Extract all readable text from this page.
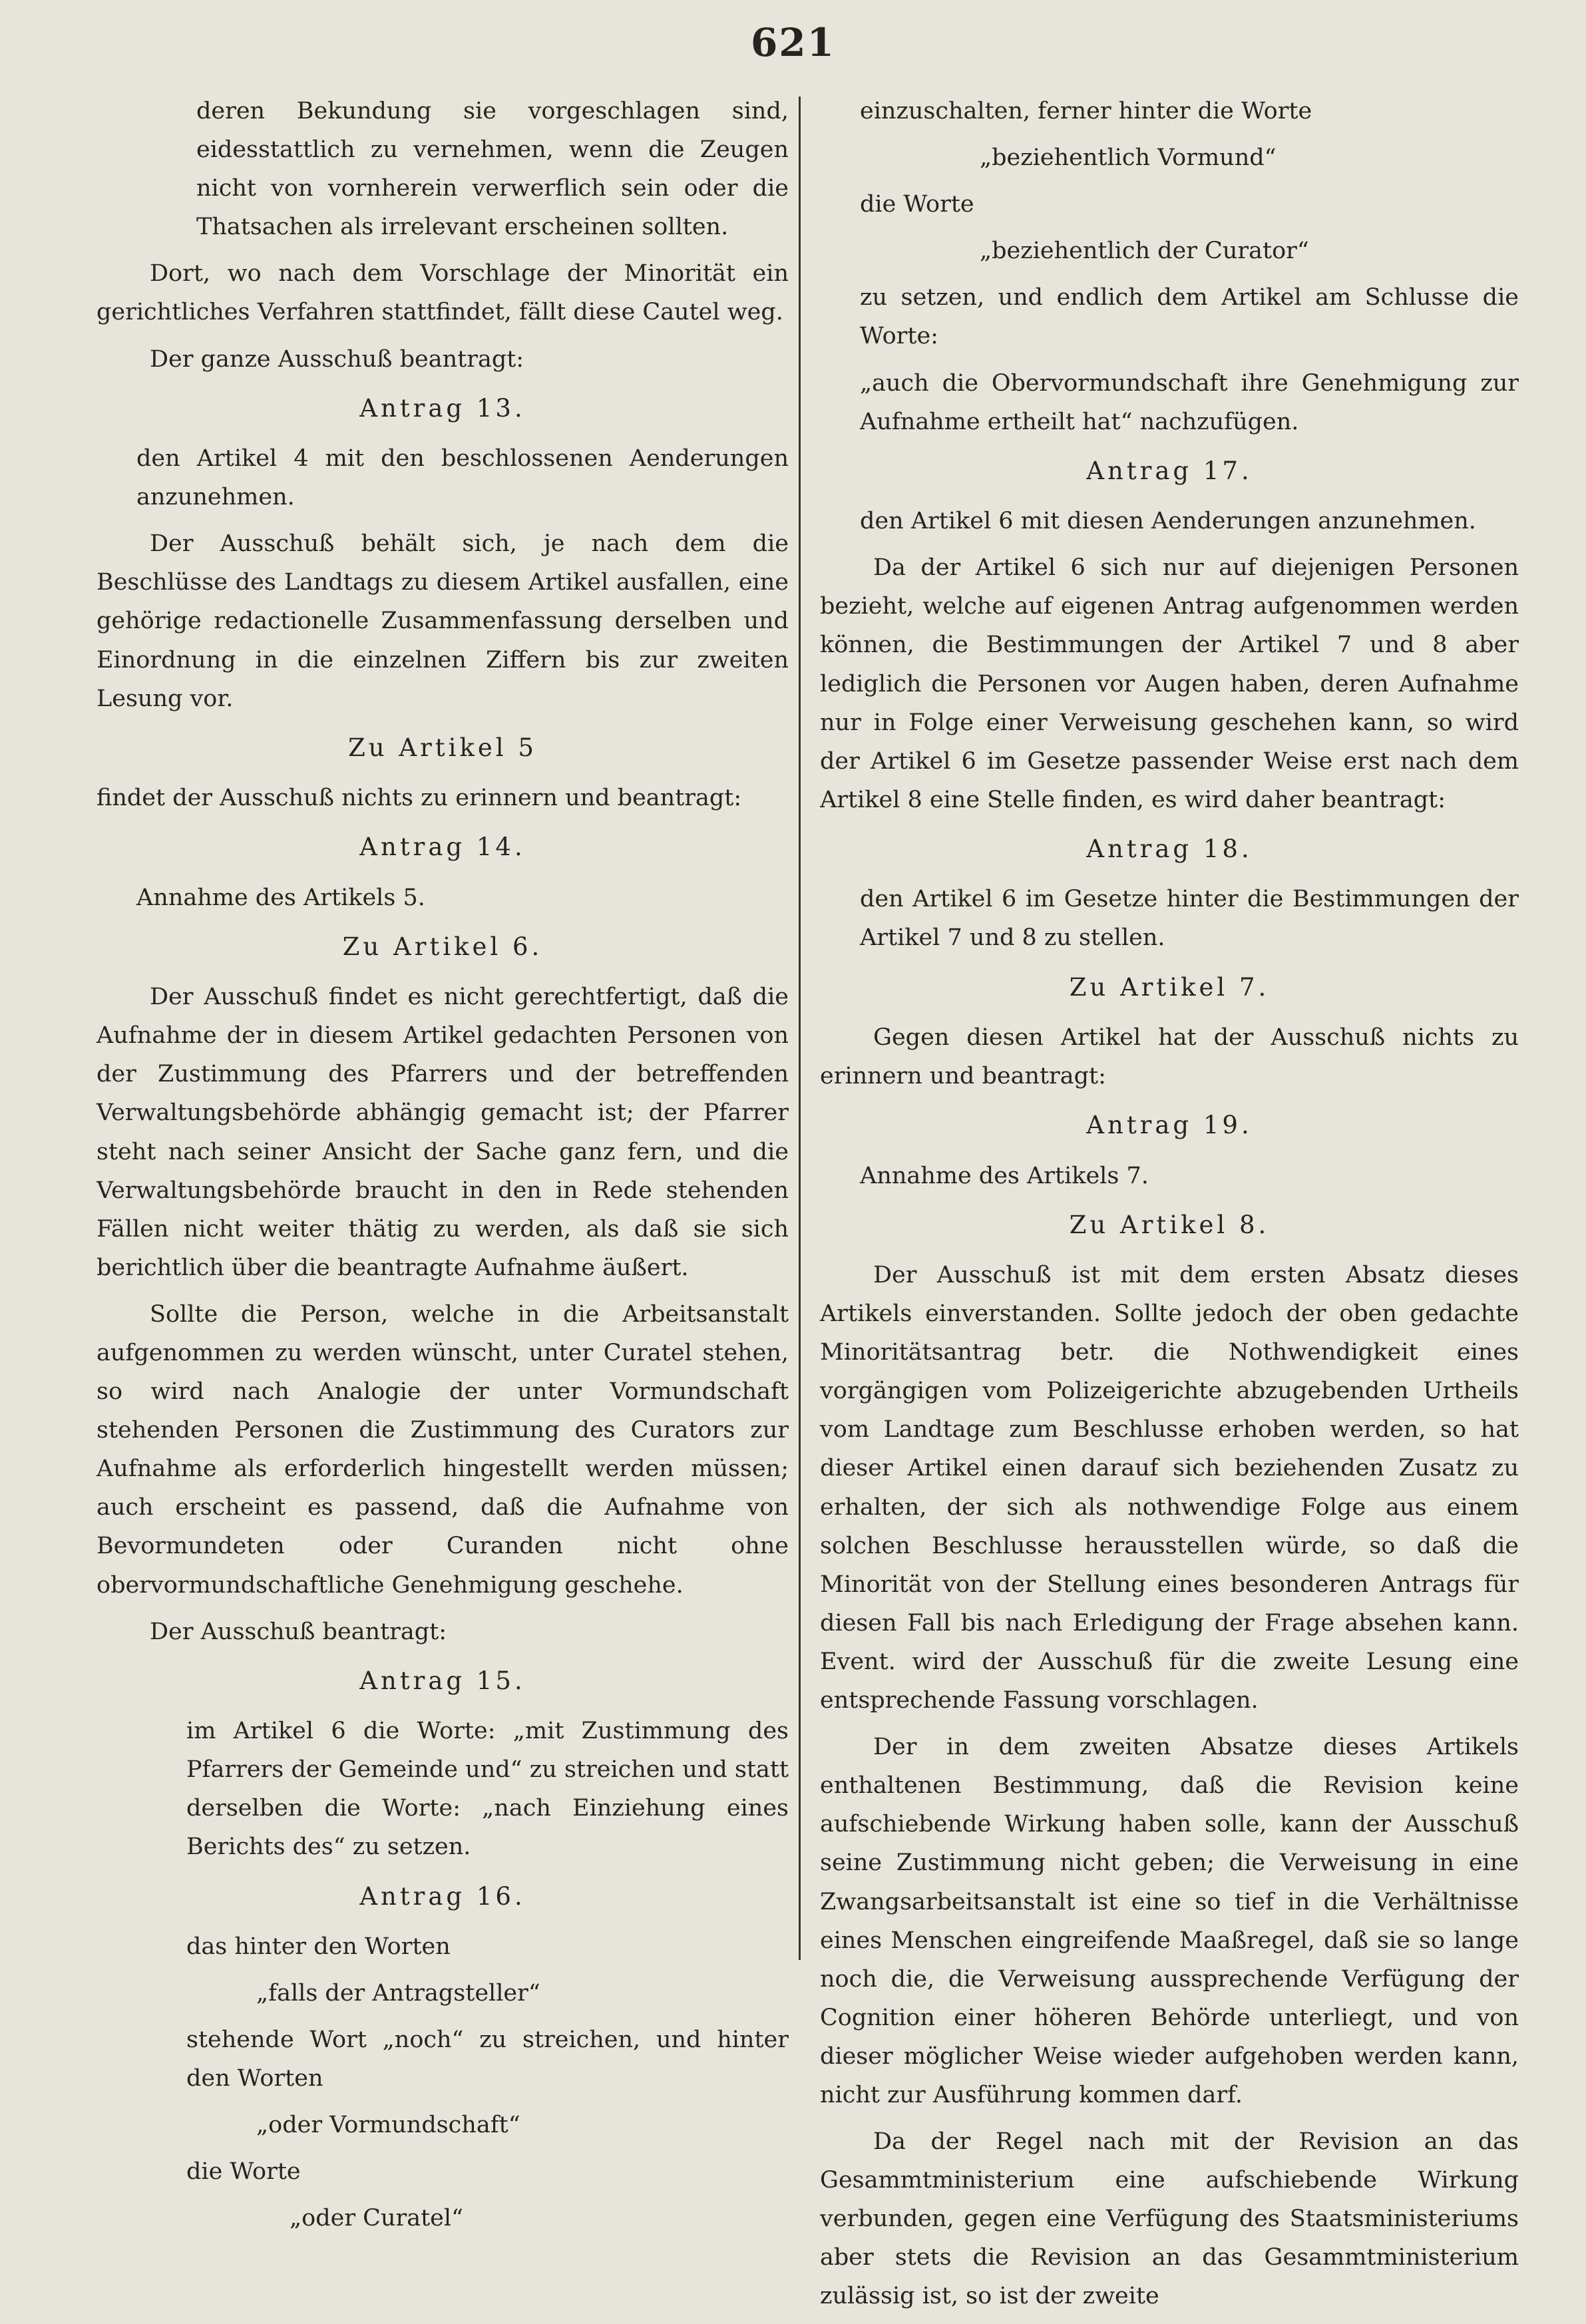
621

deren Bekundung sie vorgeschlagen sind, eidesstattlich zu vernehmen, wenn die Zeugen nicht von vornherein verwerflich sein oder die Thatsachen als irrelevant erscheinen sollten.

Dort, wo nach dem Vorschlage der Minorität ein gerichtliches Verfahren stattfindet, fällt diese Cautel weg.

Der ganze Ausschuß beantragt:

Antrag 13.

den Artikel 4 mit den beschlossenen Aenderungen anzunehmen.

Der Ausschuß behält sich, je nach dem die Beschlüsse des Landtags zu diesem Artikel ausfallen, eine gehörige redactionelle Zusammenfassung derselben und Einordnung in die einzelnen Ziffern bis zur zweiten Lesung vor.

Zu Artikel 5

findet der Ausschuß nichts zu erinnern und beantragt:

Antrag 14.

Annahme des Artikels 5.

Zu Artikel 6.

Der Ausschuß findet es nicht gerechtfertigt, daß die Aufnahme der in diesem Artikel gedachten Personen von der Zustimmung des Pfarrers und der betreffenden Verwaltungsbehörde abhängig gemacht ist; der Pfarrer steht nach seiner Ansicht der Sache ganz fern, und die Verwaltungsbehörde braucht in den in Rede stehenden Fällen nicht weiter thätig zu werden, als daß sie sich berichtlich über die beantragte Aufnahme äußert.

Sollte die Person, welche in die Arbeitsanstalt aufgenommen zu werden wünscht, unter Curatel stehen, so wird nach Analogie der unter Vormundschaft stehenden Personen die Zustimmung des Curators zur Aufnahme als erforderlich hingestellt werden müssen; auch erscheint es passend, daß die Aufnahme von Bevormundeten oder Curanden nicht ohne obervormundschaftliche Genehmigung geschehe.

Der Ausschuß beantragt:

Antrag 15.

im Artikel 6 die Worte: „mit Zustimmung des Pfarrers der Gemeinde und“ zu streichen und statt derselben die Worte: „nach Einziehung eines Berichts des“ zu setzen.

Antrag 16.

das hinter den Worten

„falls der Antragsteller“

stehende Wort „noch“ zu streichen, und hinter den Worten

„oder Vormundschaft“

die Worte

„oder Curatel“

einzuschalten, ferner hinter die Worte

„beziehentlich Vormund“

die Worte

„beziehentlich der Curator“

zu setzen, und endlich dem Artikel am Schlusse die Worte:

„auch die Obervormundschaft ihre Genehmigung zur Aufnahme ertheilt hat“ nachzufügen.

Antrag 17.

den Artikel 6 mit diesen Aenderungen anzunehmen.

Da der Artikel 6 sich nur auf diejenigen Personen bezieht, welche auf eigenen Antrag aufgenommen werden können, die Bestimmungen der Artikel 7 und 8 aber lediglich die Personen vor Augen haben, deren Aufnahme nur in Folge einer Verweisung geschehen kann, so wird der Artikel 6 im Gesetze passender Weise erst nach dem Artikel 8 eine Stelle finden, es wird daher beantragt:

Antrag 18.

den Artikel 6 im Gesetze hinter die Bestimmungen der Artikel 7 und 8 zu stellen.

Zu Artikel 7.

Gegen diesen Artikel hat der Ausschuß nichts zu erinnern und beantragt:

Antrag 19.

Annahme des Artikels 7.

Zu Artikel 8.

Der Ausschuß ist mit dem ersten Absatz dieses Artikels einverstanden. Sollte jedoch der oben gedachte Minoritätsantrag betr. die Nothwendigkeit eines vorgängigen vom Polizeigerichte abzugebenden Urtheils vom Landtage zum Beschlusse erhoben werden, so hat dieser Artikel einen darauf sich beziehenden Zusatz zu erhalten, der sich als nothwendige Folge aus einem solchen Beschlusse herausstellen würde, so daß die Minorität von der Stellung eines besonderen Antrags für diesen Fall bis nach Erledigung der Frage absehen kann. Event. wird der Ausschuß für die zweite Lesung eine entsprechende Fassung vorschlagen.

Der in dem zweiten Absatze dieses Artikels enthaltenen Bestimmung, daß die Revision keine aufschiebende Wirkung haben solle, kann der Ausschuß seine Zustimmung nicht geben; die Verweisung in eine Zwangsarbeitsanstalt ist eine so tief in die Verhältnisse eines Menschen eingreifende Maaßregel, daß sie so lange noch die, die Verweisung aussprechende Verfügung der Cognition einer höheren Behörde unterliegt, und von dieser möglicher Weise wieder aufgehoben werden kann, nicht zur Ausführung kommen darf.

Da der Regel nach mit der Revision an das Gesammtministerium eine aufschiebende Wirkung verbunden, gegen eine Verfügung des Staatsministeriums aber stets die Revision an das Gesammtministerium zulässig ist, so ist der zweite
